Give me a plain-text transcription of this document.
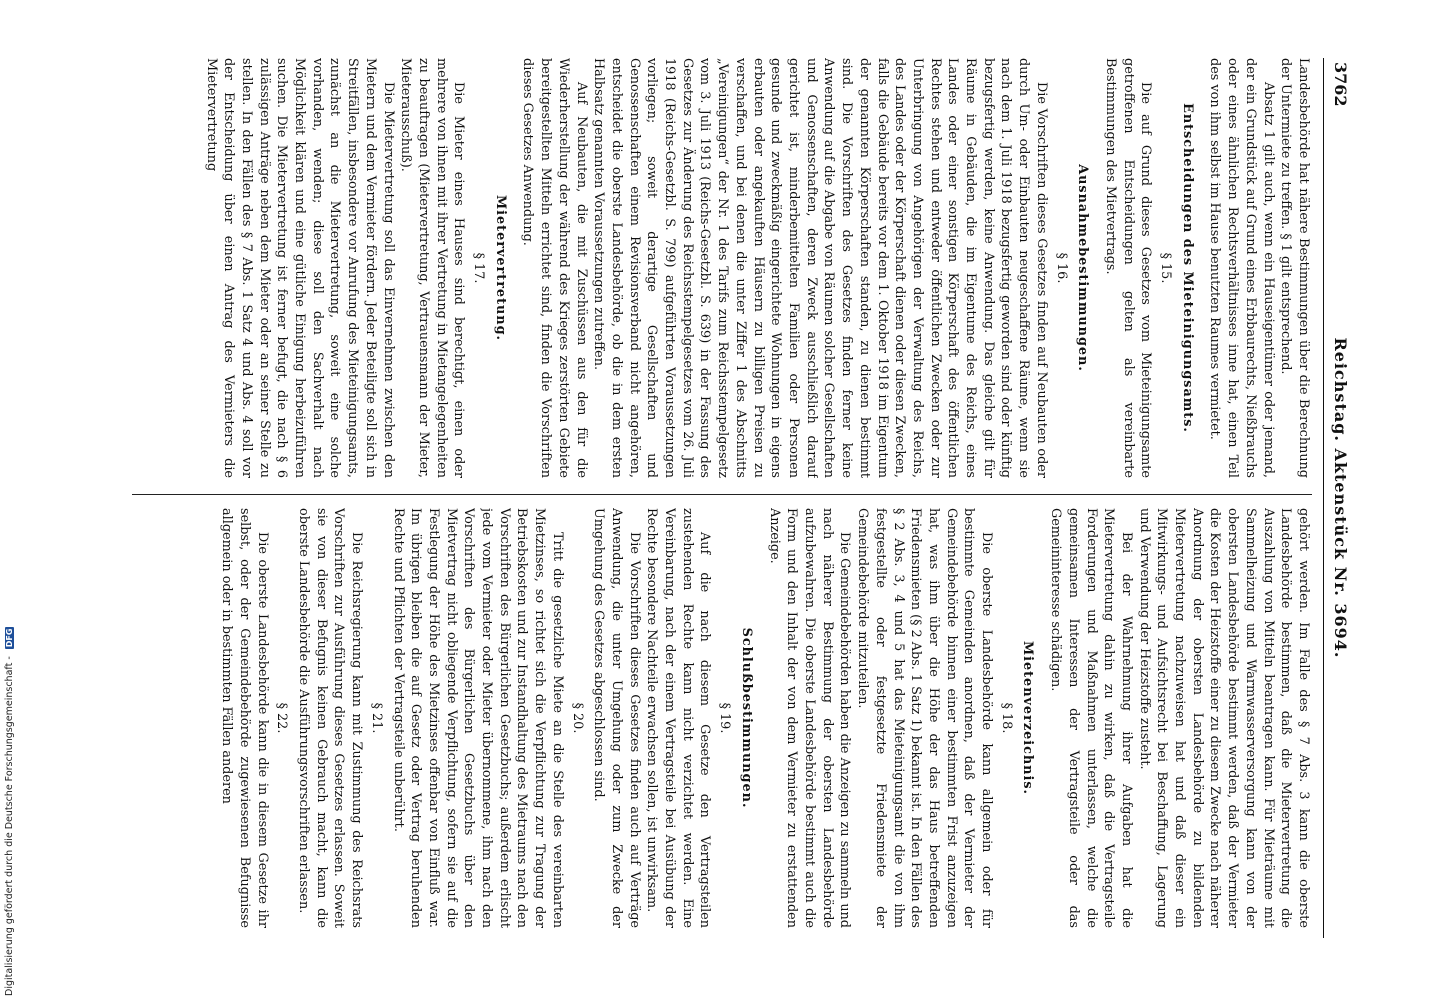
3762
Reichstag. Aktenstück Nr. 3694.

Landesbehörde hat nähere Bestimmungen über die Berechnung der Untermiete zu treffen. § 1 gilt entsprechend.

Absatz 1 gilt auch, wenn ein Hauseigentümer oder jemand, der ein Grundstück auf Grund eines Erbbaurechts, Nießbrauchs oder eines ähnlichen Rechtsverhältnisses inne hat, einen Teil des von ihm selbst im Hause benutzten Raumes vermietet.

Entscheidungen des Mieteinigungsamts.
§ 15.

Die auf Grund dieses Gesetzes vom Mieteinigungsamte getroffenen Entscheidungen gelten als vereinbarte Bestimmungen des Mietvertrags.

Ausnahmebestimmungen.
§ 16.

Die Vorschriften dieses Gesetzes finden auf Neubauten oder durch Um- oder Einbauten neugeschaffene Räume, wenn sie nach dem 1. Juli 1918 bezugsfertig geworden sind oder künftig bezugsfertig werden, keine Anwendung. Das gleiche gilt für Räume in Gebäuden, die im Eigentume des Reichs, eines Landes oder einer sonstigen Körperschaft des öffentlichen Rechtes stehen und entweder öffentlichen Zwecken oder zur Unterbringung von Angehörigen der Verwaltung des Reichs, des Landes oder der Körperschaft dienen oder diesen Zwecken, falls die Gebäude bereits vor dem 1. Oktober 1918 im Eigentum der genannten Körperschaften standen, zu dienen bestimmt sind. Die Vorschriften des Gesetzes finden ferner keine Anwendung auf die Abgabe von Räumen solcher Gesellschaften und Genossenschaften, deren Zweck ausschließlich darauf gerichtet ist, minderbemittelten Familien oder Personen gesunde und zweckmäßig eingerichtete Wohnungen in eigens erbauten oder angekauften Häusern zu billigen Preisen zu verschaffen, und bei denen die unter Ziffer 1 des Abschnitts „Vereinigungen“ der Nr. 1 des Tarifs zum Reichsstempelgesetz vom 3. Juli 1913 (Reichs-Gesetzbl. S. 639) in der Fassung des Gesetzes zur Änderung des Reichsstempelgesetzes vom 26. Juli 1918 (Reichs-Gesetzbl. S. 799) aufgeführten Voraussetzungen vorliegen; soweit derartige Gesellschaften und Genossenschaften einem Revisionsverband nicht angehören, entscheidet die oberste Landesbehörde, ob die in dem ersten Halbsatz genannten Voraussetzungen zutreffen.

Auf Neubauten, die mit Zuschüssen aus den für die Wiederherstellung der während des Krieges zerstörten Gebiete bereitgestellten Mitteln errichtet sind, finden die Vorschriften dieses Gesetzes Anwendung.

Mietervertretung.
§ 17.

Die Mieter eines Hauses sind berechtigt, einen oder mehrere von ihnen mit ihrer Vertretung in Mietangelegenheiten zu beauftragen (Mietervertretung, Vertrauensmann der Mieter, Mieterausschuß).

Die Mietervertretung soll das Einvernehmen zwischen den Mietern und dem Vermieter fördern. Jeder Beteiligte soll sich in Streitfällen, insbesondere vor Anrufung des Mieteinigungsamts, zunächst an die Mietervertretung, soweit eine solche vorhanden, wenden; diese soll den Sachverhalt nach Möglichkeit klären und eine gütliche Einigung herbeizuführen suchen. Die Mietervertretung ist ferner befugt, die nach § 6 zulässigen Anträge neben dem Mieter oder an seiner Stelle zu stellen. In den Fällen des § 7 Abs. 1 Satz 4 und Abs. 4 soll vor der Entscheidung über einen Antrag des Vermieters die Mietervertretung

gehört werden. Im Falle des § 7 Abs. 3 kann die oberste Landesbehörde bestimmen, daß die Mietervertretung die Auszahlung von Mitteln beantragen kann. Für Mieträume mit Sammelheizung und Warmwasserversorgung kann von der obersten Landesbehörde bestimmt werden, daß der Vermieter die Kosten der Heizstoffe einer zu diesem Zwecke nach näherer Anordnung der obersten Landesbehörde zu bildenden Mietervertretung nachzuweisen hat und daß dieser ein Mitwirkungs- und Aufsichtsrecht bei Beschaffung, Lagerung und Verwendung der Heizstoffe zusteht.

Bei der Wahrnehmung ihrer Aufgaben hat die Mietervertretung dahin zu wirken, daß die Vertragsteile Forderungen und Maßnahmen unterlassen, welche die gemeinsamen Interessen der Vertragsteile oder das Gemeininteresse schädigen.

Mietenverzeichnis.
§ 18.

Die oberste Landesbehörde kann allgemein oder für bestimmte Gemeinden anordnen, daß der Vermieter der Gemeindebehörde binnen einer bestimmten Frist anzuzeigen hat, was ihm über die Höhe der das Haus betreffenden Friedensmieten (§ 2 Abs. 1 Satz 1) bekannt ist. In den Fällen des § 2 Abs. 3, 4 und 5 hat das Mieteinigungsamt die von ihm festgestellte oder festgesetzte Friedensmiete der Gemeindebehörde mitzuteilen.

Die Gemeindebehörden haben die Anzeigen zu sammeln und nach näherer Bestimmung der obersten Landesbehörde aufzubewahren. Die oberste Landesbehörde bestimmt auch die Form und den Inhalt der von dem Vermieter zu erstattenden Anzeige.

Schlußbestimmungen.
§ 19.

Auf die nach diesem Gesetze den Vertragsteilen zustehenden Rechte kann nicht verzichtet werden. Eine Vereinbarung, nach der einem Vertragsteile bei Ausübung der Rechte besondere Nachteile erwachsen sollen, ist unwirksam.

Die Vorschriften dieses Gesetzes finden auch auf Verträge Anwendung, die unter Umgehung oder zum Zwecke der Umgehung des Gesetzes abgeschlossen sind.

§ 20.

Tritt die gesetzliche Miete an die Stelle des vereinbarten Mietzinses, so richtet sich die Verpflichtung zur Tragung der Betriebskosten und zur Instandhaltung des Mietraums nach den Vorschriften des Bürgerlichen Gesetzbuchs; außerdem erlischt jede vom Vermieter oder Mieter übernommene, ihm nach den Vorschriften des Bürgerlichen Gesetzbuchs über den Mietvertrag nicht obliegende Verpflichtung, sofern sie auf die Festlegung der Höhe des Mietzinses offenbar von Einfluß war. Im übrigen bleiben die auf Gesetz oder Vertrag beruhenden Rechte und Pflichten der Vertragsteile unberührt.

§ 21.

Die Reichsregierung kann mit Zustimmung des Reichsrats Vorschriften zur Ausführung dieses Gesetzes erlassen. Soweit sie von dieser Befugnis keinen Gebrauch macht, kann die oberste Landesbehörde die Ausführungsvorschriften erlassen.

§ 22.

Die oberste Landesbehörde kann die in diesem Gesetze ihr selbst, oder der Gemeindebehörde zugewiesenen Befugnisse allgemein oder in bestimmten Fällen anderen

Digitalisierung gefördert durch die Deutsche Forschungsgemeinschaft - DFG
